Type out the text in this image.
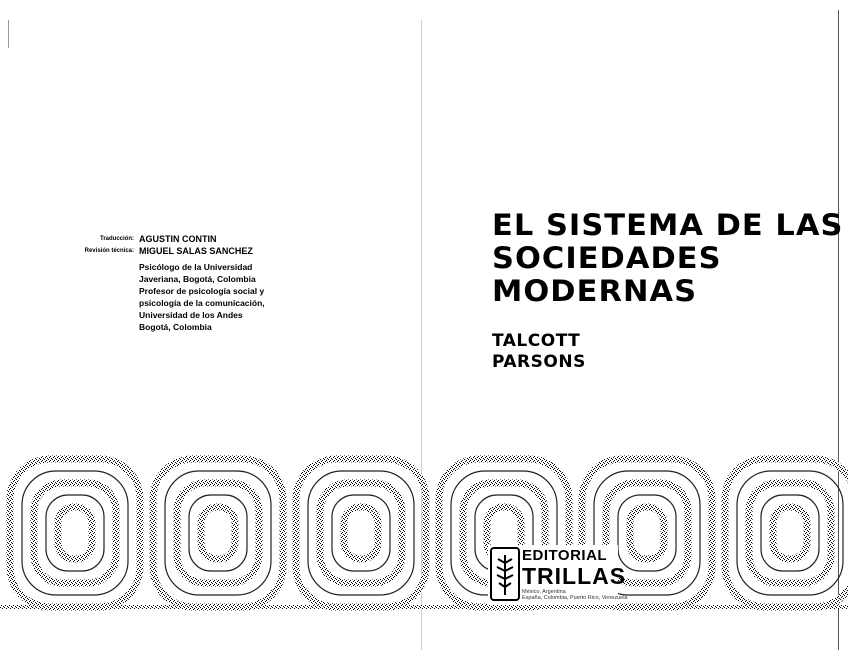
Traducción: AGUSTIN CONTIN
Revisión técnica: MIGUEL SALAS SANCHEZ
Psicólogo de la Universidad
Javeriana, Bogotá, Colombia
Profesor de psicología social y
psicología de la comunicación,
Universidad de los Andes
Bogotá, Colombia
EL SISTEMA DE LAS
SOCIEDADES
MODERNAS
TALCOTT
PARSONS
EDITORIAL
TRILLAS
México, Argentina
España, Colombia, Puerto Rico, Venezuela
